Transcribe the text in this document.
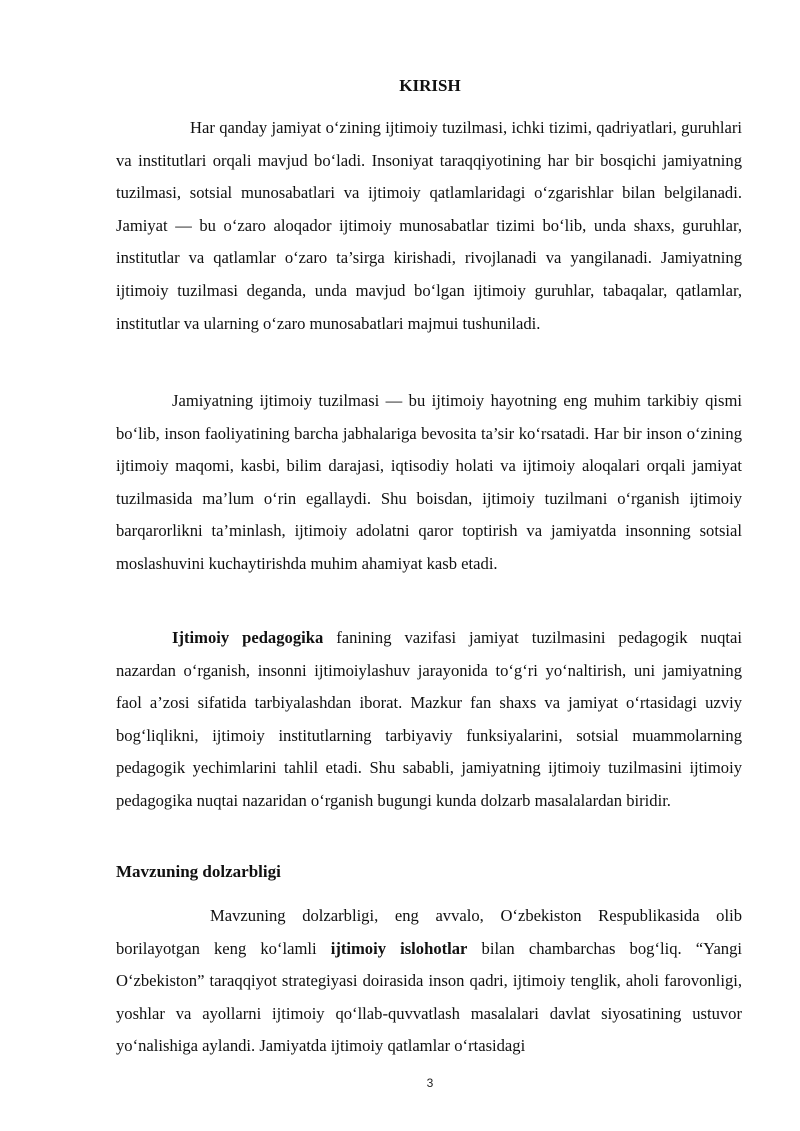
KIRISH

Har qanday jamiyat o‘zining ijtimoiy tuzilmasi, ichki tizimi, qadriyatlari, guruhlari va institutlari orqali mavjud bo‘ladi. Insoniyat taraqqiyotining har bir bosqichi jamiyatning tuzilmasi, sotsial munosabatlari va ijtimoiy qatlamlaridagi o‘zgarishlar bilan belgilanadi. Jamiyat — bu o‘zaro aloqador ijtimoiy munosabatlar tizimi bo‘lib, unda shaxs, guruhlar, institutlar va qatlamlar o‘zaro ta’sirga kirishadi, rivojlanadi va yangilanadi. Jamiyatning ijtimoiy tuzilmasi deganda, unda mavjud bo‘lgan ijtimoiy guruhlar, tabaqalar, qatlamlar, institutlar va ularning o‘zaro munosabatlari majmui tushuniladi.

Jamiyatning ijtimoiy tuzilmasi — bu ijtimoiy hayotning eng muhim tarkibiy qismi bo‘lib, inson faoliyatining barcha jabhalariga bevosita ta’sir ko‘rsatadi. Har bir inson o‘zining ijtimoiy maqomi, kasbi, bilim darajasi, iqtisodiy holati va ijtimoiy aloqalari orqali jamiyat tuzilmasida ma’lum o‘rin egallaydi. Shu boisdan, ijtimoiy tuzilmani o‘rganish ijtimoiy barqarorlikni ta’minlash, ijtimoiy adolatni qaror toptirish va jamiyatda insonning sotsial moslashuvini kuchaytirishda muhim ahamiyat kasb etadi.

Ijtimoiy pedagogika fanining vazifasi jamiyat tuzilmasini pedagogik nuqtai nazardan o‘rganish, insonni ijtimoiylashuv jarayonida to‘g‘ri yo‘naltirish, uni jamiyatning faol a’zosi sifatida tarbiyalashdan iborat. Mazkur fan shaxs va jamiyat o‘rtasidagi uzviy bog‘liqlikni, ijtimoiy institutlarning tarbiyaviy funksiyalarini, sotsial muammolarning pedagogik yechimlarini tahlil etadi. Shu sababli, jamiyatning ijtimoiy tuzilmasini ijtimoiy pedagogika nuqtai nazaridan o‘rganish bugungi kunda dolzarb masalalardan biridir.

Mavzuning dolzarbligi

Mavzuning dolzarbligi, eng avvalo, O‘zbekiston Respublikasida olib borilayotgan keng ko‘lamli ijtimoiy islohotlar bilan chambarchas bog‘liq. “Yangi O‘zbekiston” taraqqiyot strategiyasi doirasida inson qadri, ijtimoiy tenglik, aholi farovonligi, yoshlar va ayollarni ijtimoiy qo‘llab-quvvatlash masalalari davlat siyosatining ustuvor yo‘nalishiga aylandi. Jamiyatda ijtimoiy qatlamlar o‘rtasidagi

3
